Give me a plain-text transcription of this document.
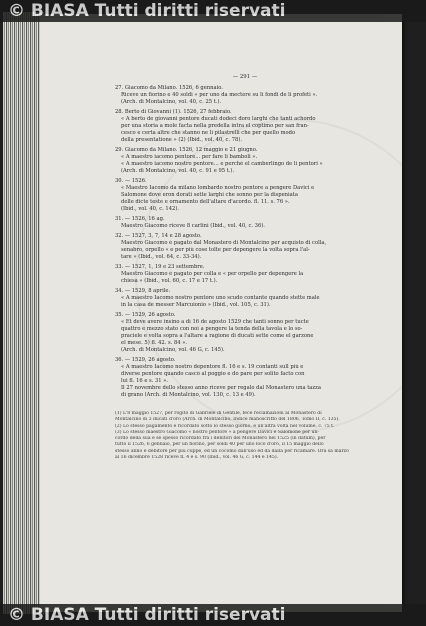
© BIASA Tutti diritti riservati
— 291 —
27. Giacomo da Milano. 1526, 6 gennaio.
Riceve un fiorino e 40 soldi « per uno da mectere su li fondi de li profeti ».
(Arch. di Montalcino, vol. 40, c. 25 t.).
28. Berto di Giovanni (1). 1526, 27 febbraio.
« A berto de giovanni pentore ducati dodeci doro larghi che tanti achordo
per una storia a mole facta nella predella intra el coptimo per san fran-
cesco e certa altre che stanno ne li pilastrelli che per quello modo
della presentatione » (2) (Ibid., vol. 40, c. 78).
29. Giacomo da Milano. 1526, 12 maggio e 21 giugno.
« A maestro iacomo pentore... per fare li bamboli ».
« A maestro iacomo nostro pentore... e perchè el camberlingo de li pentori »
(Arch. di Montalcino, vol. 40, c. 91 e 95 t.).
30. — 1526.
« Maestro Iacomo da milano lombardo nostro pentore a pengere Davici e
Salomone dove eron dorati sette larghi che sonno per la dispeniata
delle dicte teste e ornamento dell'altare d'acordo. fl. 11. s. 76 ».
(Ibid., vol. 40, c. 142).
31. — 1526, 16 ag.
Maestro Giacomo riceve 8 carlini (Ibid., vol. 40, c. 36).
32. — 1527, 3, 7, 14 e 28 agosto.
Maestro Giacomo è pagato dal Monastero di Montalcino per acquisto di colla,
senabro, orpello « e per più cose tolte per depengere la volta sopra l'al-
tare » (Ibid., vol. 64, c. 33-34).
33. — 1527, 1, 19 e 23 settembre.
Maestro Giacomo è pagato per colla e « per orpello per depengere la
chiesa » (Ibid., vol. 60, c. 17 e 17 t.).
34. — 1529, 8 aprile.
« A maestro Iacomo nostro pentore uno scudo contante quando stette male
in la casa de messer Marcuionio » (Ibid., vol. 105, c. 31).
35. — 1529, 26 agosto.
« Et deve avere insino a dì 16 de agosto 1529 che tanti sonno per tucte
quattro e mezzo stato con noi a pengere la tenda della tavola e lo so-
praciele e volta sopra a l'altare a ragione di ducati sette come el garzone
el mese. 5) fl. 42. s. 84 ».
(Arch. di Montalcino, vol. 46 G, c. 145).
36. — 1529, 26 agosto.
« A maestro Iacomo nostro depentore fl. 16 e s. 19 contanti sull più e
diverse pentore quando cascò al poggio e do pare per solito facto con
lui fl. 16 e s. 31 ».
Il 27 novembre dello stesso anno riceve per regalo dal Monastero una tazza
di grano (Arch. di Montalcino, vol. 130, c. 13 e 49).
(1) L'8 maggio 1527, per rogito di Gabriele di Gentile, fece reclamazioni al Monastero di
Montalcino di 3 ducati d'oro (Arch. di Montalcino, Indice manoscritto del 1806, Tomo II, c. 135).
(2) Lo stesso pagamento è ricordato sotto lo stesso giorno, e un'altra volta nel volume, c. 75 t.
(3) Lo stesso maestro Giacomo « nostro pentore » a pengere Davici e Salomone per un-
cordo della sua e se spesso ricordato fra i debitori del Monastero nel 1525 (in datum), per
tutto il 1526, 6 gennaio, per un fiorino, per soldi 40 per uno loco d'oro, il 15 maggio dello
stesso anno è debitore per più cuppe, ed un cocomo dall'uso ed da dalla per ricamare. Ora sa marzo
al 16 dicembre 1528 riceve fl. 4 e s. 90 (Ibid., vol. 46 G, c. 144 e 145).
© BIASA Tutti diritti riservati
